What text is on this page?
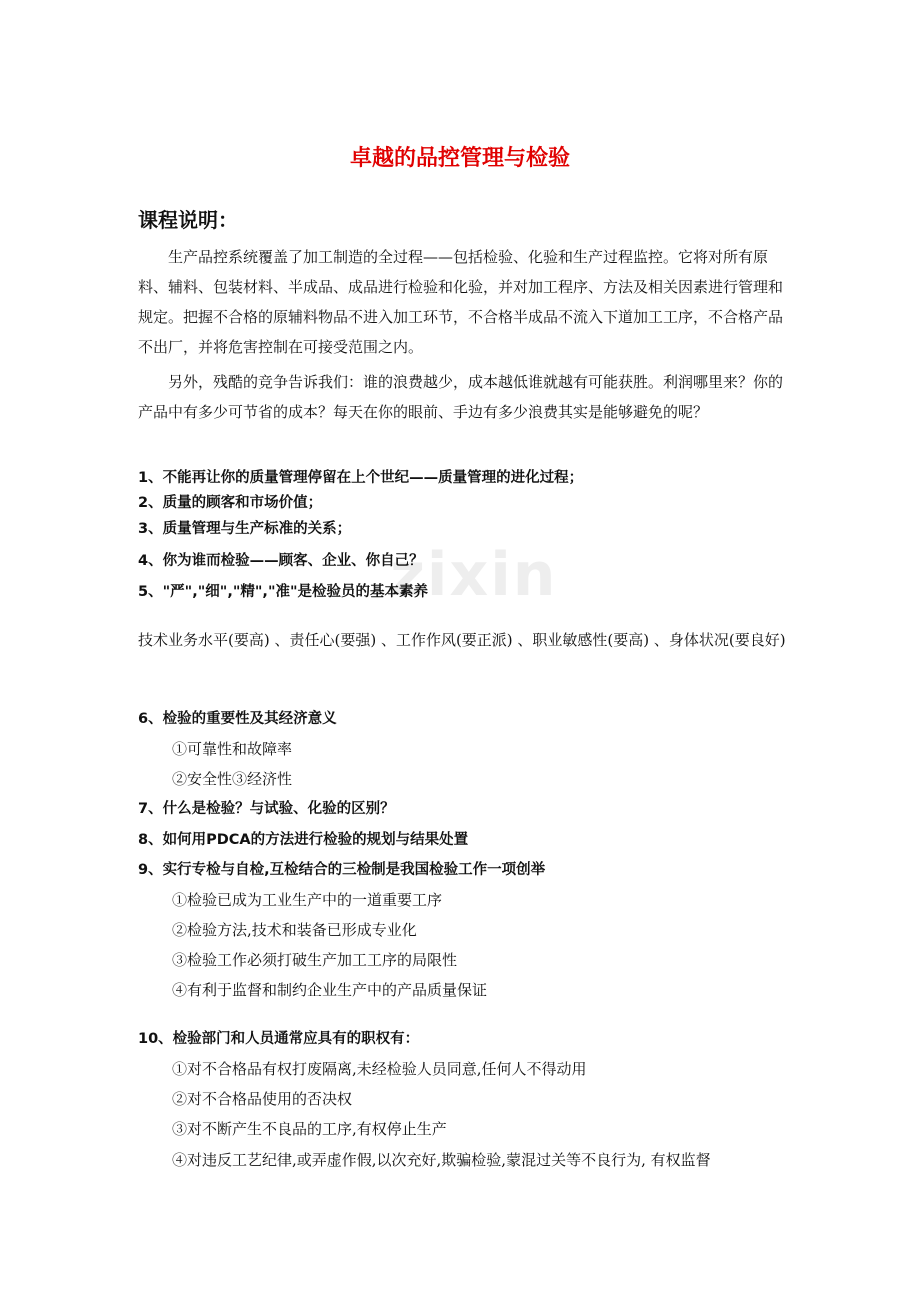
zixin
卓越的品控管理与检验
课程说明：

生产品控系统覆盖了加工制造的全过程——包括检验、化验和生产过程监控。它将对所有原料、辅料、包装材料、半成品、成品进行检验和化验，并对加工程序、方法及相关因素进行管理和规定。把握不合格的原辅料物品不进入加工环节，不合格半成品不流入下道加工工序，不合格产品不出厂，并将危害控制在可接受范围之内。

另外，残酷的竞争告诉我们：谁的浪费越少，成本越低谁就越有可能获胜。利润哪里来？你的产品中有多少可节省的成本？每天在你的眼前、手边有多少浪费其实是能够避免的呢？

1、不能再让你的质量管理停留在上个世纪——质量管理的进化过程；

2、质量的顾客和市场价值；

3、质量管理与生产标准的关系；

4、你为谁而检验——顾客、企业、你自己？

5、"严","细","精","准"是检验员的基本素养

技术业务水平(要高) 、责任心(要强) 、工作作风(要正派) 、职业敏感性(要高) 、身体状况(要良好)

6、检验的重要性及其经济意义

①可靠性和故障率

②安全性③经济性

7、什么是检验？与试验、化验的区别？

8、如何用PDCA的方法进行检验的规划与结果处置

9、实行专检与自检,互检结合的三检制是我国检验工作一项创举

①检验已成为工业生产中的一道重要工序

②检验方法,技术和装备已形成专业化

③检验工作必须打破生产加工工序的局限性

④有利于监督和制约企业生产中的产品质量保证

10、检验部门和人员通常应具有的职权有：

①对不合格品有权打废隔离,未经检验人员同意,任何人不得动用

②对不合格品使用的否决权

③对不断产生不良品的工序,有权停止生产

④对违反工艺纪律,或弄虚作假,以次充好,欺骗检验,蒙混过关等不良行为, 有权监督
